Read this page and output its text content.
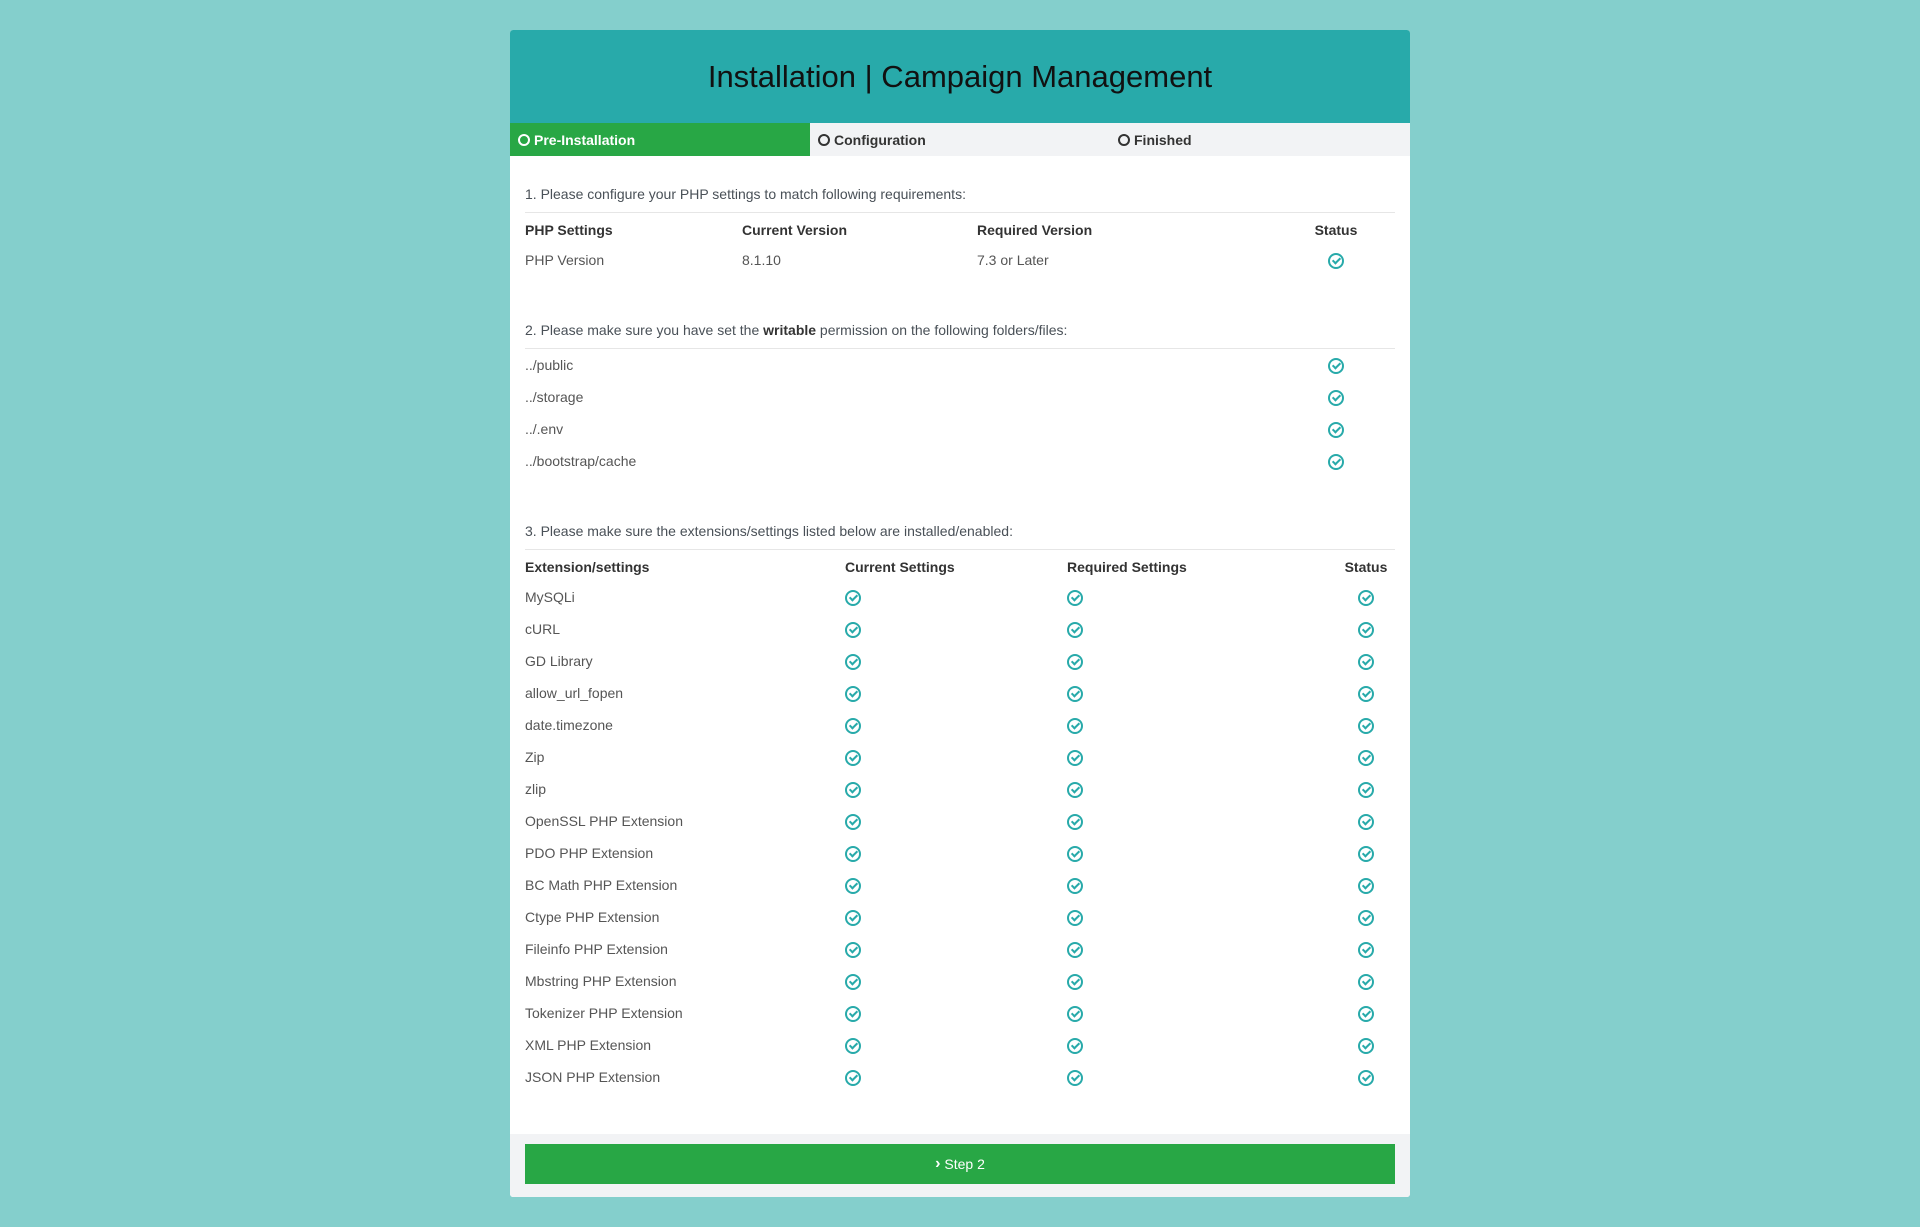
Installation | Campaign Management
Pre-Installation	Configuration	Finished
1. Please configure your PHP settings to match following requirements:
PHP Settings	Current Version	Required Version	Status
PHP Version	8.1.10	7.3 or Later	
2. Please make sure you have set the writable permission on the following folders/files:
../public	
../storage	
../.env	
../bootstrap/cache	
3. Please make sure the extensions/settings listed below are installed/enabled:
Extension/settings	Current Settings	Required Settings	Status
MySQLi			
cURL			
GD Library			
allow_url_fopen			
date.timezone			
Zip			
zlip			
OpenSSL PHP Extension			
PDO PHP Extension			
BC Math PHP Extension			
Ctype PHP Extension			
Fileinfo PHP Extension			
Mbstring PHP Extension			
Tokenizer PHP Extension			
XML PHP Extension			
JSON PHP Extension			
› Step 2
